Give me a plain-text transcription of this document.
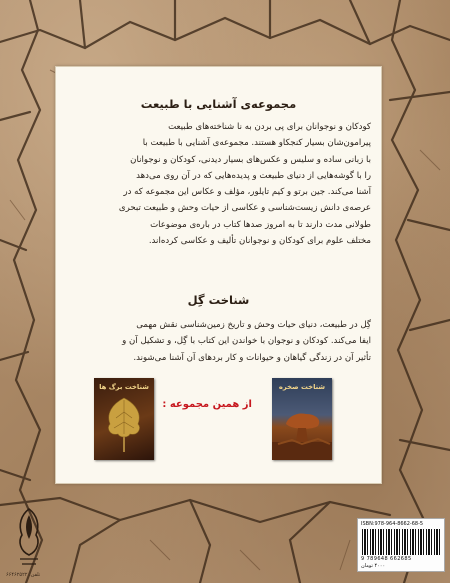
مجموعه‌ی آشنایی با طبیعت
کودکان و نوجوانان برای پی بردن به نا شناخته‌های طبیعت
پیرامون‌شان بسیار کنجکاو هستند. مجموعه‌ی آشنایی با طبیعت با
با زبانی ساده و سلیس و عکس‌های بسیار دیدنی، کودکان و نوجوانان
را با گوشه‌هایی از دنیای طبیعت و پدیده‌هایی که در آن روی می‌دهد
آشنا می‌کند. جین برتو و کیم تایلور، مؤلف و عکاس این مجموعه که در
عرصه‌ی دانش زیست‌شناسی و عکاسی از حیات وحش و طبیعت تبحری
طولانی مدت دارند تا به امروز صدها کتاب در باره‌ی موضوعات
مختلف علوم برای کودکان و نوجوانان تألیف و عکاسی کرده‌اند.
شناخت گِل
گِل در طبیعت، دنیای حیات وحش و تاریخ زمین‌شناسی نقش مهمی
ایفا می‌کند. کودکان و نوجوان با خواندن این کتاب با گِل، و تشکیل آن و
تأثیر آن در زندگی گیاهان و حیوانات و کار بردهای آن آشنا می‌شوند.
شناخت برگ ها	شناخت صخره
از همین مجموعه :
ISBN:978-964-8662-68-5
9 789648 662685
۴۰۰۰ تومان
تلفن: ۶۶۴۶۲۵۲۲
